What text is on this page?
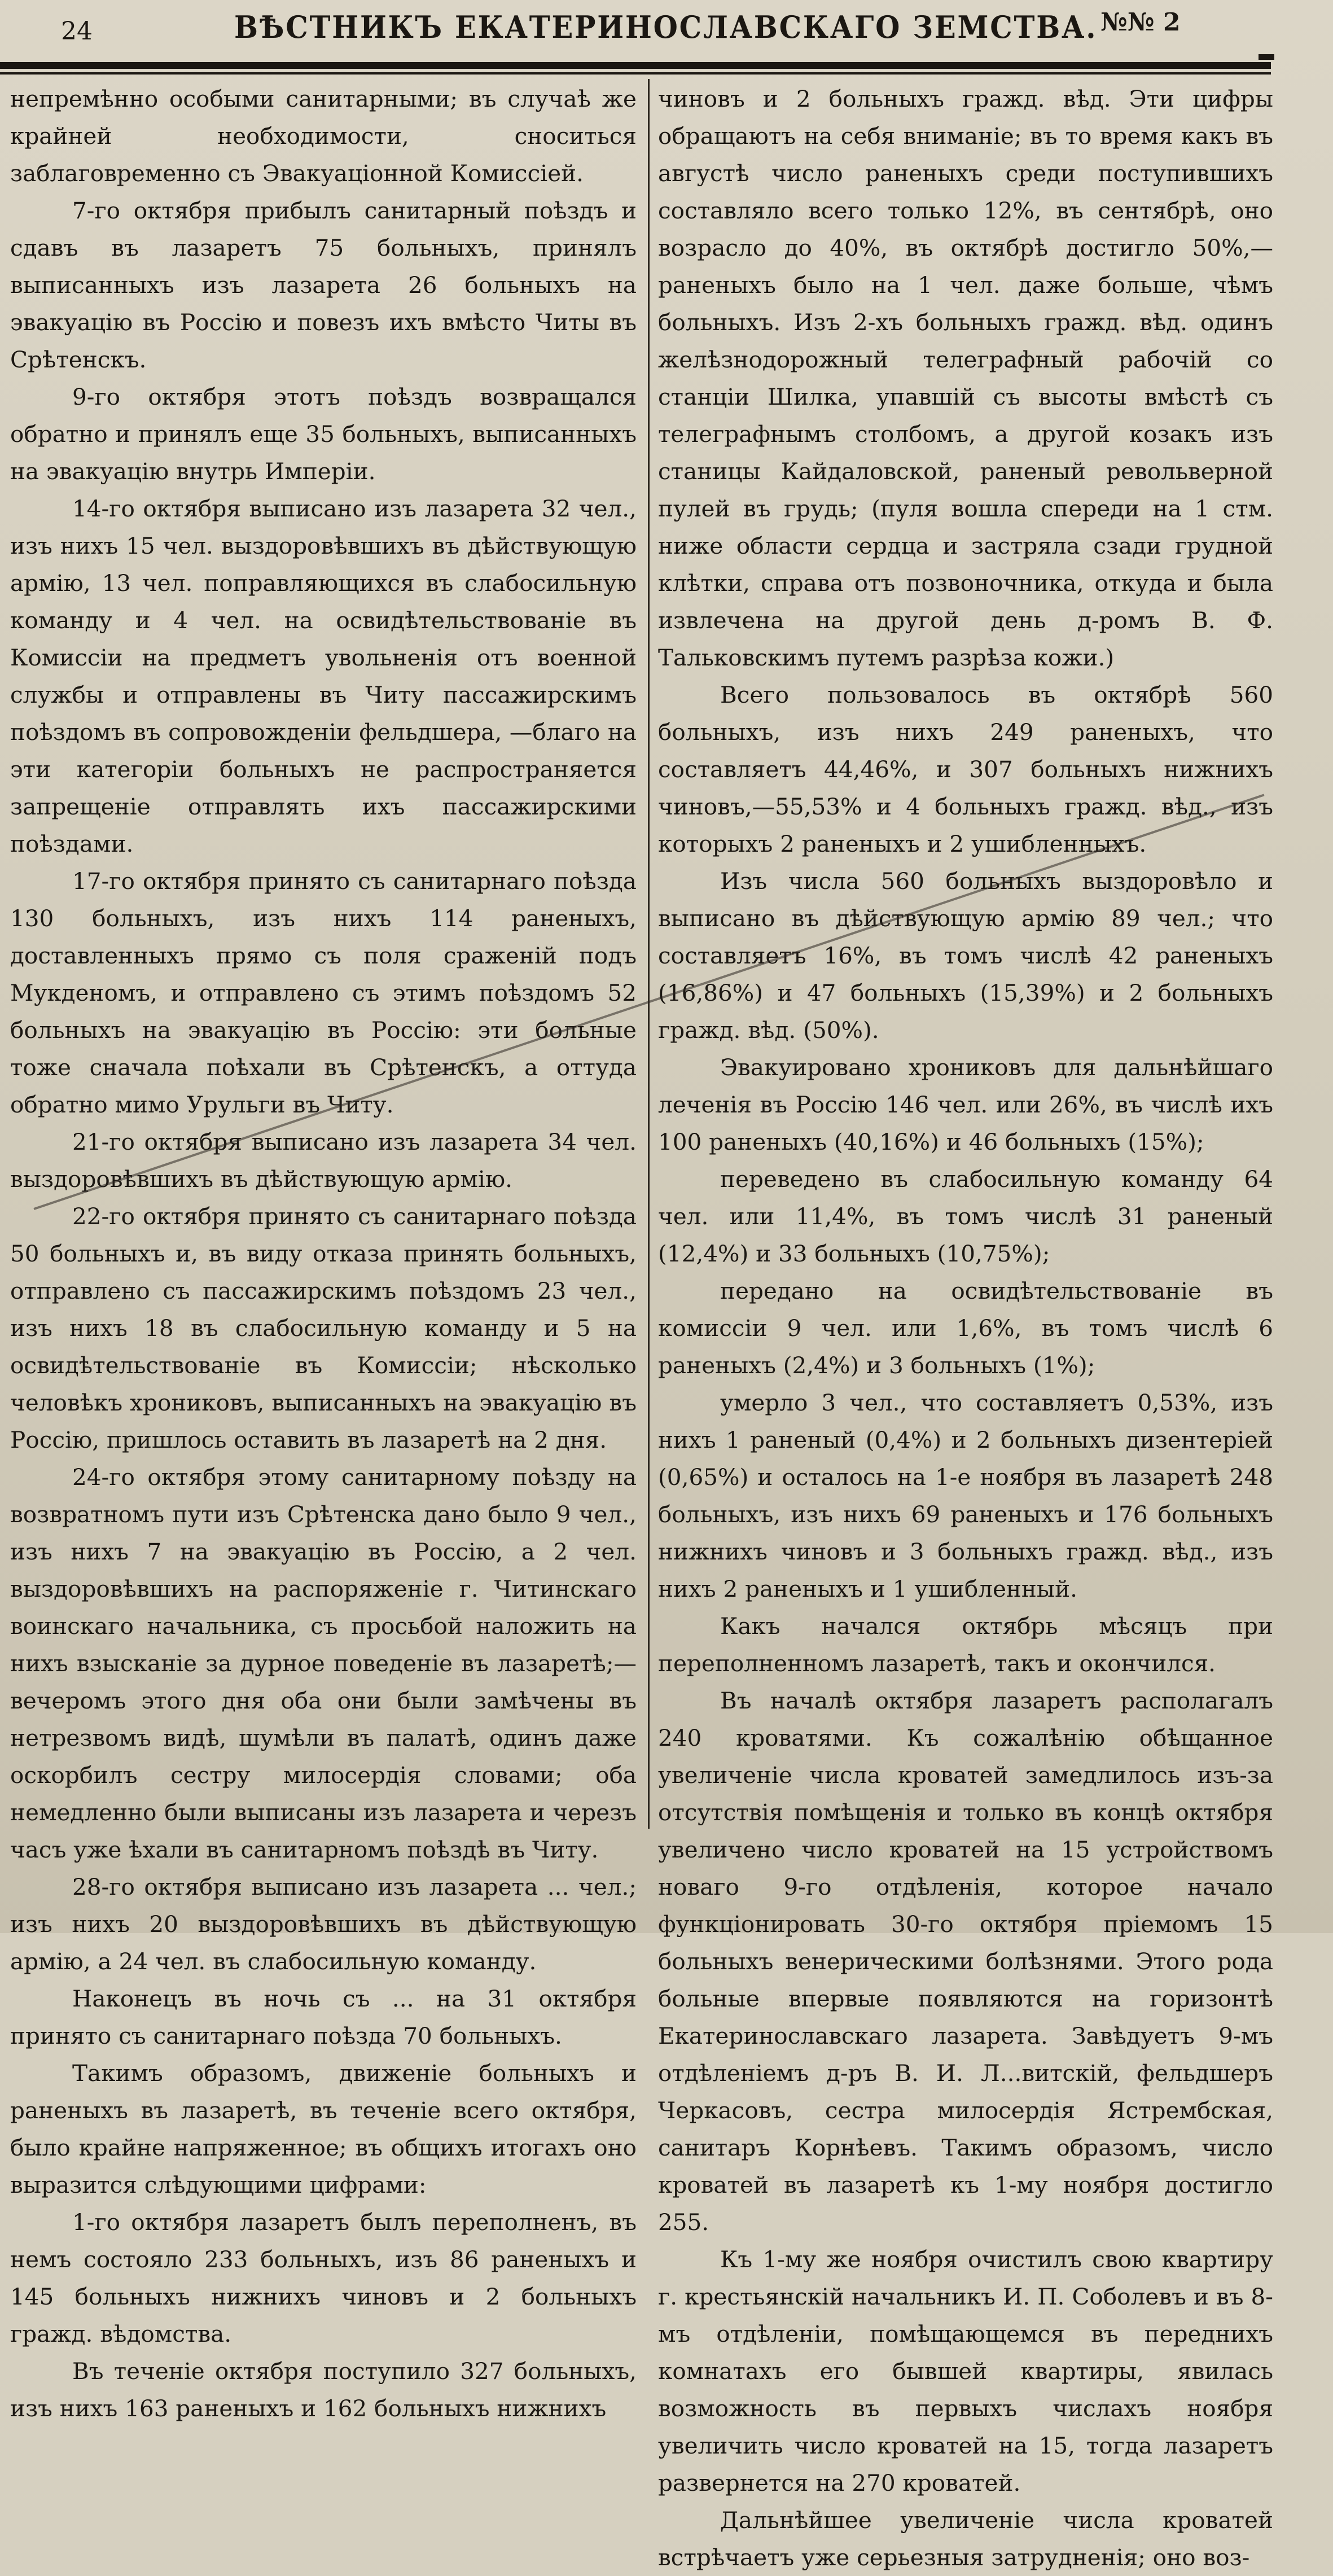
24	ВѢСТНИКЪ ЕКАТЕРИНОСЛАВСКАГО ЗЕМСТВА. №№ 2

непремѣнно особыми санитарными; въ случаѣ же крайней необходимости, сноситься заблаговременно съ Эвакуаціонной Комиссіей.

7-го октября прибылъ санитарный поѣздъ и сдавъ въ лазаретъ 75 больныхъ, принялъ выписанныхъ изъ лазарета 26 больныхъ на эвакуацію въ Россію и повезъ ихъ вмѣсто Читы въ Срѣтенскъ.

9-го октября этотъ поѣздъ возвращался обратно и принялъ еще 35 больныхъ, выписанныхъ на эвакуацію внутрь Имперіи.

14-го октября выписано изъ лазарета 32 чел., изъ нихъ 15 чел. выздоровѣвшихъ въ дѣйствующую армію, 13 чел. поправляющихся въ слабосильную команду и 4 чел. на освидѣтельствованіе въ Комиссіи на предметъ увольненія отъ военной службы и отправлены въ Читу пассажирскимъ поѣздомъ въ сопровожденіи фельдшера, —благо на эти категоріи больныхъ не распространяется запрещеніе отправлять ихъ пассажирскими поѣздами.

17-го октября принято съ санитарнаго поѣзда 130 больныхъ, изъ нихъ 114 раненыхъ, доставленныхъ прямо съ поля сраженій подъ Мукденомъ, и отправлено съ этимъ поѣздомъ 52 больныхъ на эвакуацію въ Россію: эти больные тоже сначала поѣхали въ Срѣтенскъ, а оттуда обратно мимо Урульги въ Читу.

21-го октября выписано изъ лазарета 34 чел. выздоровѣвшихъ въ дѣйствующую армію.

22-го октября принято съ санитарнаго поѣзда 50 больныхъ и, въ виду отказа принять больныхъ, отправлено съ пассажирскимъ поѣздомъ 23 чел., изъ нихъ 18 въ слабосильную команду и 5 на освидѣтельствованіе въ Комиссіи; нѣсколько человѣкъ хрониковъ, выписанныхъ на эвакуацію въ Россію, пришлось оставить въ лазаретѣ на 2 дня.

24-го октября этому санитарному поѣзду на возвратномъ пути изъ Срѣтенска дано было 9 чел., изъ нихъ 7 на эвакуацію въ Россію, а 2 чел. выздоровѣвшихъ на распоряженіе г. Читинскаго воинскаго начальника, съ просьбой наложить на нихъ взысканіе за дурное поведеніе въ лазаретѣ;—вечеромъ этого дня оба они были замѣчены въ нетрезвомъ видѣ, шумѣли въ палатѣ, одинъ даже оскорбилъ сестру милосердія словами; оба немедленно были выписаны изъ лазарета и черезъ часъ уже ѣхали въ санитарномъ поѣздѣ въ Читу.

28-го октября выписано изъ лазарета ... чел.; изъ нихъ 20 выздоровѣвшихъ въ дѣйствующую армію, а 24 чел. въ слабосильную команду.

Наконецъ въ ночь съ ... на 31 октября принято съ санитарнаго поѣзда 70 больныхъ.

Такимъ образомъ, движеніе больныхъ и раненыхъ въ лазаретѣ, въ теченіе всего октября, было крайне напряженное; въ общихъ итогахъ оно выразится слѣдующими цифрами:

1-го октября лазаретъ былъ переполненъ, въ немъ состояло 233 больныхъ, изъ 86 раненыхъ и 145 больныхъ нижнихъ чиновъ и 2 больныхъ гражд. вѣдомства.

Въ теченіе октября поступило 327 больныхъ, изъ нихъ 163 раненыхъ и 162 больныхъ нижнихъ

чиновъ и 2 больныхъ гражд. вѣд. Эти цифры обращаютъ на себя вниманіе; въ то время какъ въ августѣ число раненыхъ среди поступившихъ составляло всего только 12%, въ сентябрѣ, оно возрасло до 40%, въ октябрѣ достигло 50%,—раненыхъ было на 1 чел. даже больше, чѣмъ больныхъ. Изъ 2-хъ больныхъ гражд. вѣд. одинъ желѣзнодорожный телеграфный рабочій со станціи Шилка, упавшій съ высоты вмѣстѣ съ телеграфнымъ столбомъ, а другой козакъ изъ станицы Кайдаловской, раненый револьверной пулей въ грудь; (пуля вошла спереди на 1 стм. ниже области сердца и застряла сзади грудной клѣтки, справа отъ позвоночника, откуда и была извлечена на другой день д-ромъ В. Ф. Тальковскимъ путемъ разрѣза кожи.)

Всего пользовалось въ октябрѣ 560 больныхъ, изъ нихъ 249 раненыхъ, что составляетъ 44,46%, и 307 больныхъ нижнихъ чиновъ,—55,53% и 4 больныхъ гражд. вѣд., изъ которыхъ 2 раненыхъ и 2 ушибленныхъ.

Изъ числа 560 больныхъ выздоровѣло и выписано въ дѣйствующую армію 89 чел.; что составляетъ 16%, въ томъ числѣ 42 раненыхъ (16,86%) и 47 больныхъ (15,39%) и 2 больныхъ гражд. вѣд. (50%).

Эвакуировано хрониковъ для дальнѣйшаго леченія въ Россію 146 чел. или 26%, въ числѣ ихъ 100 раненыхъ (40,16%) и 46 больныхъ (15%);

переведено въ слабосильную команду 64 чел. или 11,4%, въ томъ числѣ 31 раненый (12,4%) и 33 больныхъ (10,75%);

передано на освидѣтельствованіе въ комиссіи 9 чел. или 1,6%, въ томъ числѣ 6 раненыхъ (2,4%) и 3 больныхъ (1%);

умерло 3 чел., что составляетъ 0,53%, изъ нихъ 1 раненый (0,4%) и 2 больныхъ дизентеріей (0,65%) и осталось на 1-е ноября въ лазаретѣ 248 больныхъ, изъ нихъ 69 раненыхъ и 176 больныхъ нижнихъ чиновъ и 3 больныхъ гражд. вѣд., изъ нихъ 2 раненыхъ и 1 ушибленный.

Какъ начался октябрь мѣсяцъ при переполненномъ лазаретѣ, такъ и окончился.

Въ началѣ октября лазаретъ располагалъ 240 кроватями. Къ сожалѣнію обѣщанное увеличеніе числа кроватей замедлилось изъ-за отсутствія помѣщенія и только въ концѣ октября увеличено число кроватей на 15 устройствомъ новаго 9-го отдѣленія, которое начало функціонировать 30-го октября пріемомъ 15 больныхъ венерическими болѣзнями. Этого рода больные впервые появляются на горизонтѣ Екатеринославскаго лазарета. Завѣдуетъ 9-мъ отдѣленіемъ д-ръ В. И. Л...витскій, фельдшеръ Черкасовъ, сестра милосердія Ястрембская, санитаръ Корнѣевъ. Такимъ образомъ, число кроватей въ лазаретѣ къ 1-му ноября достигло 255.

Къ 1-му же ноября очистилъ свою квартиру г. крестьянскій начальникъ И. П. Соболевъ и въ 8-мъ отдѣленіи, помѣщающемся въ переднихъ комнатахъ его бывшей квартиры, явилась возможность въ первыхъ числахъ ноября увеличить число кроватей на 15, тогда лазаретъ развернется на 270 кроватей.

Дальнѣйшее увеличеніе числа кроватей встрѣчаетъ уже серьезныя затрудненія; оно воз-
